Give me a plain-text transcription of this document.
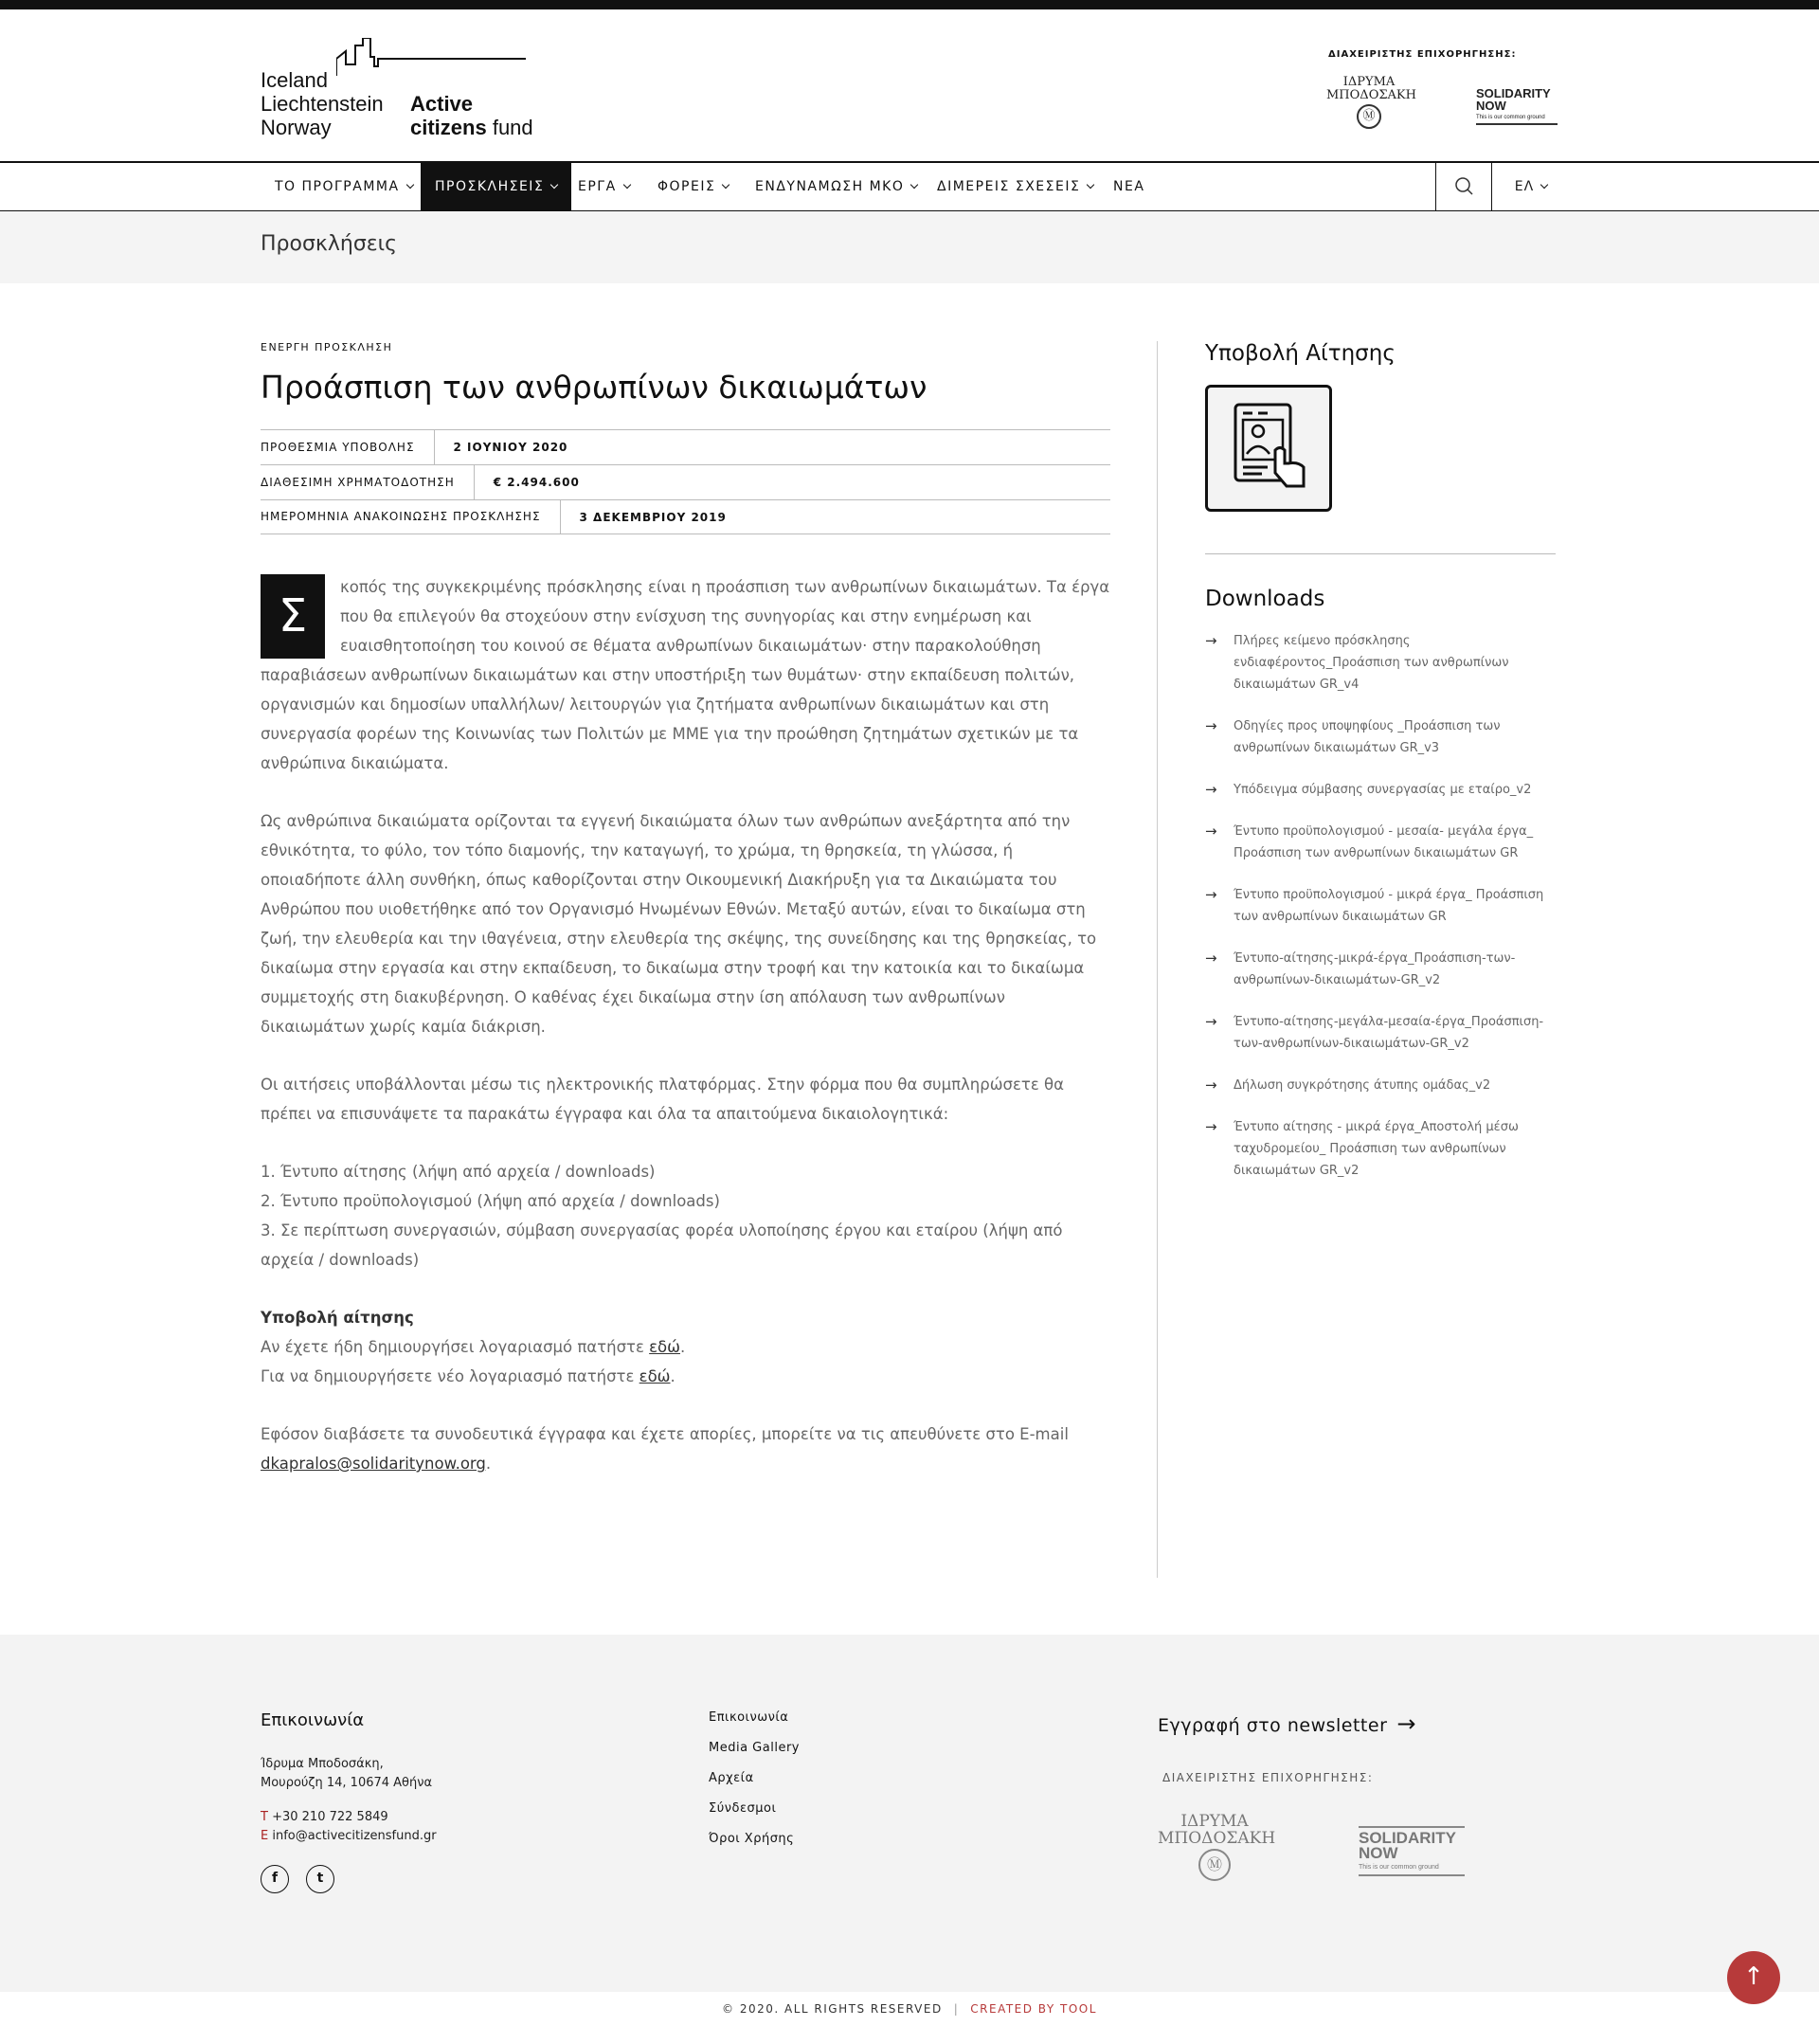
Iceland
Liechtenstein
Norway
Active
citizens fund
ΔΙΑΧΕΙΡΙΣΤΗΣ ΕΠΙΧΟΡΗΓΗΣΗΣ:
ΙΔΡΥΜΑ
ΜΠΟΔΟΣΑΚΗ
Ⓜ
SOLIDARITY NOW
This is our common ground
ΤΟ ΠΡΟΓΡΑΜΜΑ	ΠΡΟΣΚΛΗΣΕΙΣ	ΕΡΓΑ	ΦΟΡΕΙΣ	ΕΝΔΥΝΑΜΩΣΗ ΜΚΟ	ΔΙΜΕΡΕΙΣ ΣΧΕΣΕΙΣ	ΝΕΑ	ΕΛ
Προσκλήσεις
ΕΝΕΡΓΗ ΠΡΟΣΚΛΗΣΗ
Προάσπιση των ανθρωπίνων δικαιωμάτων
ΠΡΟΘΕΣΜΙΑ ΥΠΟΒΟΛΗΣ	2 ΙΟΥΝΙΟΥ 2020
ΔΙΑΘΕΣΙΜΗ ΧΡΗΜΑΤΟΔΟΤΗΣΗ	€ 2.494.600
ΗΜΕΡΟΜΗΝΙΑ ΑΝΑΚΟΙΝΩΣΗΣ ΠΡΟΣΚΛΗΣΗΣ	3 ΔΕΚΕΜΒΡΙΟΥ 2019

Σ
κοπός της συγκεκριμένης πρόσκλησης είναι η προάσπιση των ανθρωπίνων δικαιωμάτων. Τα έργα που θα επιλεγούν θα στοχεύουν στην ενίσχυση της συνηγορίας και στην ενημέρωση και ευαισθητοποίηση του κοινού σε θέματα ανθρωπίνων δικαιωμάτων· στην παρακολούθηση παραβιάσεων ανθρωπίνων δικαιωμάτων και στην υποστήριξη των θυμάτων· στην εκπαίδευση πολιτών, οργανισμών και δημοσίων υπαλλήλων/ λειτουργών για ζητήματα ανθρωπίνων δικαιωμάτων και στη συνεργασία φορέων της Κοινωνίας των Πολιτών με ΜΜΕ για την προώθηση ζητημάτων σχετικών με τα ανθρώπινα δικαιώματα.

Ως ανθρώπινα δικαιώματα ορίζονται τα εγγενή δικαιώματα όλων των ανθρώπων ανεξάρτητα από την εθνικότητα, το φύλο, τον τόπο διαμονής, την καταγωγή, το χρώμα, τη θρησκεία, τη γλώσσα, ή οποιαδήποτε άλλη συνθήκη, όπως καθορίζονται στην Οικουμενική Διακήρυξη για τα Δικαιώματα του Ανθρώπου που υιοθετήθηκε από τον Οργανισμό Ηνωμένων Εθνών. Μεταξύ αυτών, είναι το δικαίωμα στη ζωή, την ελευθερία και την ιθαγένεια, στην ελευθερία της σκέψης, της συνείδησης και της θρησκείας, το δικαίωμα στην εργασία και στην εκπαίδευση, το δικαίωμα στην τροφή και την κατοικία και το δικαίωμα συμμετοχής στη διακυβέρνηση. Ο καθένας έχει δικαίωμα στην ίση απόλαυση των ανθρωπίνων δικαιωμάτων χωρίς καμία διάκριση.

Οι αιτήσεις υποβάλλονται μέσω τις ηλεκτρονικής πλατφόρμας. Στην φόρμα που θα συμπληρώσετε θα πρέπει να επισυνάψετε τα παρακάτω έγγραφα και όλα τα απαιτούμενα δικαιολογητικά:

1. Έντυπο αίτησης (λήψη από αρχεία / downloads)
2. Έντυπο προϋπολογισμού (λήψη από αρχεία / downloads)
3. Σε περίπτωση συνεργασιών, σύμβαση συνεργασίας φορέα υλοποίησης έργου και εταίρου (λήψη από αρχεία / downloads)

Υποβολή αίτησης
Αν έχετε ήδη δημιουργήσει λογαριασμό πατήστε εδώ.
Για να δημιουργήσετε νέο λογαριασμό πατήστε εδώ.

Εφόσον διαβάσετε τα συνοδευτικά έγγραφα και έχετε απορίες, μπορείτε να τις απευθύνετε στο E-mail
dkapralos@solidaritynow.org.

Υποβολή Αίτησης
Downloads
→ Πλήρες κείμενο πρόσκλησης ενδιαφέροντος_Προάσπιση των ανθρωπίνων δικαιωμάτων GR_v4
→ Οδηγίες προς υποψηφίους _Προάσπιση των ανθρωπίνων δικαιωμάτων GR_v3
→ Υπόδειγμα σύμβασης συνεργασίας με εταίρο_v2
→ Έντυπο προϋπολογισμού - μεσαία- μεγάλα έργα_ Προάσπιση των ανθρωπίνων δικαιωμάτων GR
→ Έντυπο προϋπολογισμού - μικρά έργα_ Προάσπιση των ανθρωπίνων δικαιωμάτων GR
→ Έντυπο-αίτησης-μικρά-έργα_Προάσπιση-των-ανθρωπίνων-δικαιωμάτων-GR_v2
→ Έντυπο-αίτησης-μεγάλα-μεσαία-έργα_Προάσπιση-των-ανθρωπίνων-δικαιωμάτων-GR_v2
→ Δήλωση συγκρότησης άτυπης ομάδας_v2
→ Έντυπο αίτησης - μικρά έργα_Αποστολή μέσω ταχυδρομείου_ Προάσπιση των ανθρωπίνων δικαιωμάτων GR_v2
Επικοινωνία
Ίδρυμα Μποδοσάκη,
Μουρούζη 14, 10674 Αθήνα
T +30 210 722 5849
E info@activecitizensfund.gr
f	t
Επικοινωνία
Media Gallery
Αρχεία
Σύνδεσμοι
Όροι Χρήσης
Εγγραφή στο newsletter →
ΔΙΑΧΕΙΡΙΣΤΗΣ ΕΠΙΧΟΡΗΓΗΣΗΣ:
ΙΔΡΥΜΑ
ΜΠΟΔΟΣΑΚΗ
Ⓜ
SOLIDARITY NOW
This is our common ground
↑
© 2020. ALL RIGHTS RESERVED | CREATED BY TOOL
